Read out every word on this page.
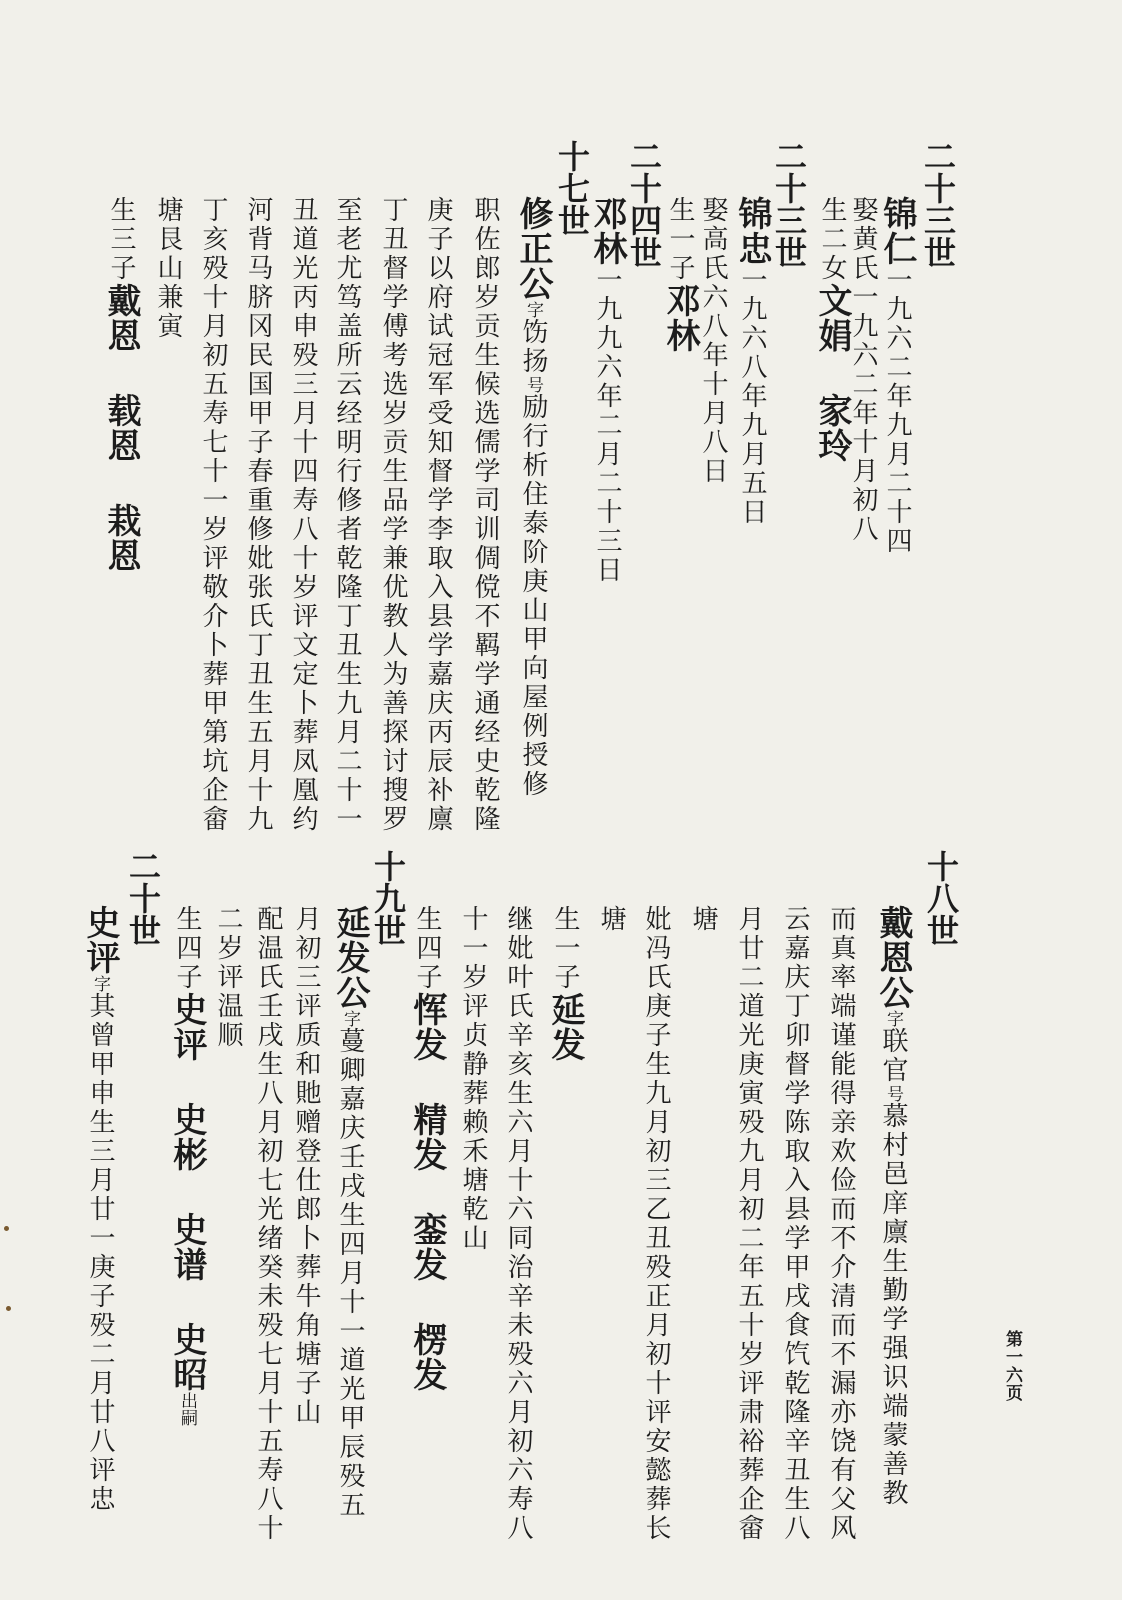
二十三世
锦仁一九六二年九月二十四
娶黄氏一九六二年十月初八
生二女文娟家玲
二十三世
锦忠一九六八年九月五日
娶高氏六八年十月八日
生一子邓林
二十四世
邓林一九九六年二月二十三日
十七世
修正公字饬扬号励行析住泰阶庚山甲向屋例授修
职佐郎岁贡生候选儒学司训倜傥不羁学通经史乾隆
庚子以府试冠军受知督学李取入县学嘉庆丙辰补廪
丁丑督学傅考选岁贡生品学兼优教人为善探讨搜罗
至老尤笃盖所云经明行修者乾隆丁丑生九月二十一
丑道光丙申殁三月十四寿八十岁评文定卜葬凤凰约
河背马脐冈民国甲子春重修妣张氏丁丑生五月十九
丁亥殁十月初五寿七十一岁评敬介卜葬甲第坑企畲
塘艮山兼寅
生三子戴恩载恩栽恩
十八世
戴恩公字联官号慕村邑庠廪生勤学强识端蒙善教
而真率端谨能得亲欢俭而不介清而不漏亦饶有父风
云嘉庆丁卯督学陈取入县学甲戌食饩乾隆辛丑生八
月廿二道光庚寅殁九月初二年五十岁评肃裕葬企畲
塘
妣冯氏庚子生九月初三乙丑殁正月初十评安懿葬长
塘
生一子延发
继妣叶氏辛亥生六月十六同治辛未殁六月初六寿八
十一岁评贞静葬赖禾塘乾山
生四子恽发精发銮发楞发
十九世
延发公字蔓卿嘉庆壬戌生四月十一道光甲辰殁五
月初三评质和貤赠登仕郎卜葬牛角塘子山
配温氏壬戌生八月初七光绪癸未殁七月十五寿八十
二岁评温顺
生四子史评史彬史谱史昭出嗣
二十世
史评字其曾甲申生三月廿一庚子殁二月廿八评忠	第一六页
